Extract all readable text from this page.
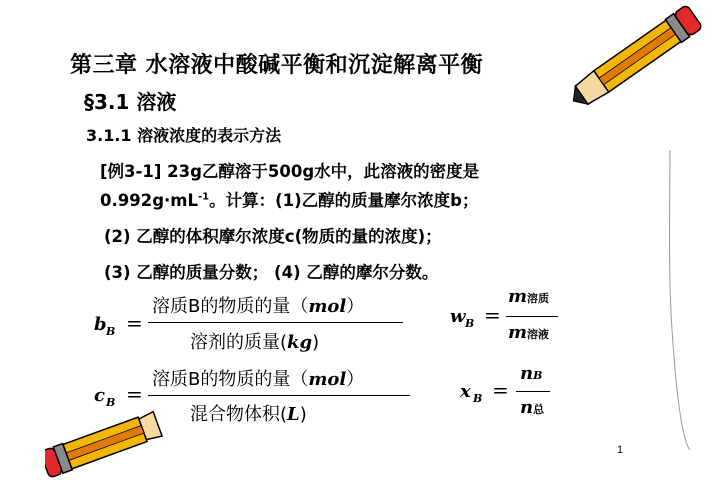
第三章 水溶液中酸碱平衡和沉淀解离平衡
§3.1 溶液
3.1.1 溶液浓度的表示方法
[例3-1] 23g乙醇溶于500g水中，此溶液的密度是
$0.992g\cdot mL^{-1}$。计算：(1)乙醇的质量摩尔浓度b；
(2) 乙醇的体积摩尔浓度c(物质的量的浓度)；
(3) 乙醇的质量分数； (4) 乙醇的摩尔分数。
b B =
溶质B的物质的量（mol）
溶剂的质量(kg)
w B =
m溶质
m溶液
c B =
溶质B的物质的量（mol）
混合物体积(L)
x B =
nB
n总
1
